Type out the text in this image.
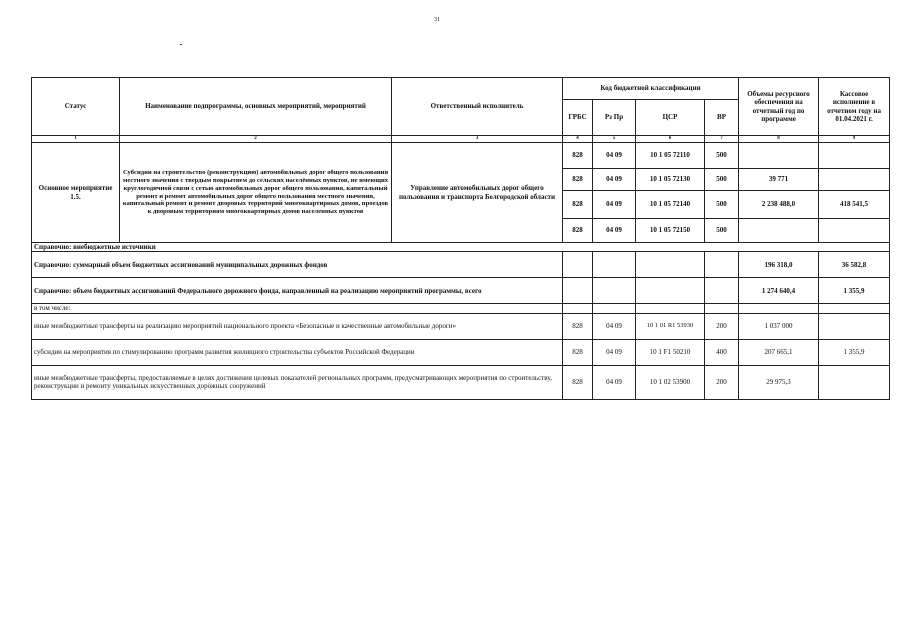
31
Статус	Наименование подпрограммы, основных мероприятий, мероприятий	Ответственный исполнитель	Код бюджетной классификации				Объемы ресурсного обеспечения на отчетный год по программе	Кассовое исполнение в отчетном году на 01.04.2021 г.
			ГРБС	Рз Пр	ЦСР	ВР		
1	2	3	4	5	6	7	8	9
Основное мероприятие 1.5.	Субсидии на строительство (реконструкцию) автомобильных дорог общего пользования местного значения с твердым покрытием до сельских населённых пунктов, не имеющих круглогодичной связи с сетью автомобильных дорог общего пользования, капитальный ремонт и ремонт автомобильных дорог общего пользования местного значения, капитальный ремонт и ремонт дворовых территорий многоквартирных домов, проездов к дворовым территориям многоквартирных домов населенных пунктов	Управление автомобильных дорог общего пользования и транспорта Белгородской области	828	04 09	10 1 05 72110	500		
			828	04 09	10 1 05 72130	500	39 771	
			828	04 09	10 1 05 72140	500	2 238 488,0	418 541,5
			828	04 09	10 1 05 72150	500		
Справочно: внебюджетные источники								
Справочно: суммарный объем бюджетных ассигнований муниципальных дорожных фондов							196 318,0	36 582,8
Справочно: объем бюджетных ассигнований Федерального дорожного фонда, направленный на реализацию мероприятий программы, всего							1 274 640,4	1 355,9
в том числе:								
иные межбюджетные трансферты на реализацию мероприятий национального проекта «Безопасные и качественные автомобильные дороги»			828	04 09	10 1 01 R1 53930	200	1 037 000	
субсидии на мероприятия по стимулированию программ развития жилищного строительства субъектов Российской Федерации			828	04 09	10 1 F1 50210	400	207 665,1	1 355,9
иные межбюджетные трансферты, предоставляемые в целях достижения целевых показателей региональных программ, предусматривающих мероприятия по строительству, реконструкции и ремонту уникальных искусственных дорожных сооружений			828	04 09	10 1 02 53900	200	29 975,3	
